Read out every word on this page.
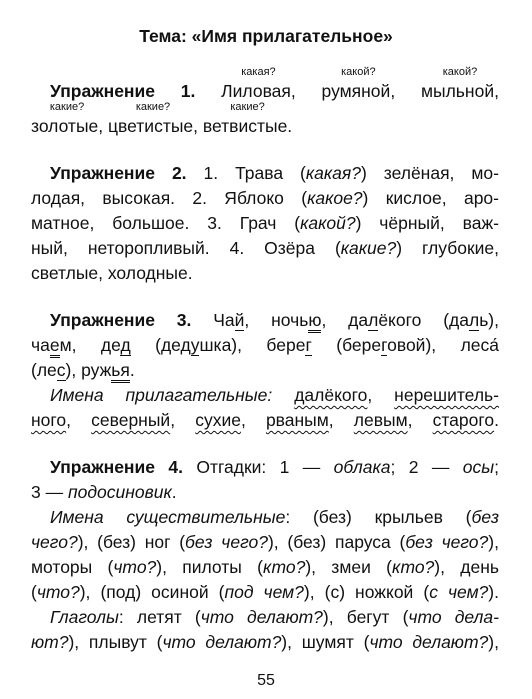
Тема: «Имя прилагательное»
Упражнение 1.
какая?
Лиловая,
какой?
румяной,
какой?
мыльной,
какие?
золотые,
какие?
цветистые,
какие?
ветвистые.
Упражнение 2. 1. Трава (какая?) зелёная, мо-
лодая, высокая. 2. Яблоко (какое?) кислое, аро-
матное, большое. 3. Грач (какой?) чёрный, важ-
ный, неторопливый. 4. Озёра (какие?) глубокие,
светлые, холодные.
Упражнение 3. Чай, ночью, далёкого (даль),
чаем, дед (дедушка), берег (береговой), леса
(лес), ружья.
Имена прилагательные: далёкого, нерешитель-
ного, северный, сухие, рваным, левым, старого.
Упражнение 4. Отгадки: 1 — облака; 2 — осы;
3 — подосиновик.
Имена существительные: (без) крыльев (без
чего?), (без) ног (без чего?), (без) паруса (без чего?),
моторы (что?), пилоты (кто?), змеи (кто?), день
(что?), (под) осиной (под чем?), (с) ножкой (с чем?).
Глаголы: летят (что делают?), бегут (что дела-
ют?), плывут (что делают?), шумят (что делают?),
55
